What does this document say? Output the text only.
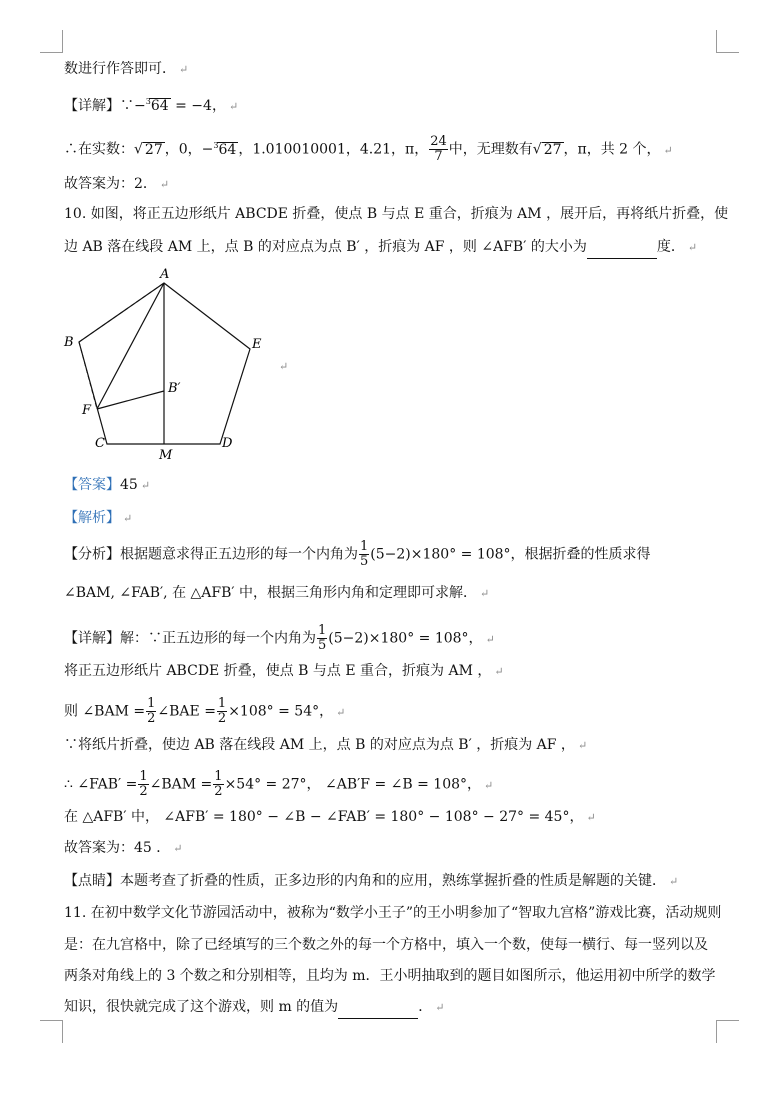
数进行作答即可． ↵
【详解】∵−$^3$64 = −4， ↵
∴在实数：√ 27 ，0，−$^3$64 ，1.010010001，4.21，π， $\frac{24}{7}$ 中，无理数有√ 27 ，π，共 2 个， ↵
故答案为：2． ↵
10. 如图，将正五边形纸片 ABCDE 折叠，使点 B 与点 E 重合，折痕为 AM ，展开后，再将纸片折叠，使
边 AB 落在线段 AM 上，点 B 的对应点为点 B′ ，折痕为 AF ，则 ∠AFB′ 的大小为	度． ↵
A
B	E
B′
F
C	D
M
↵
【答案】45 ↵
【解析】 ↵
【分析】根据题意求得正五边形的每一个内角为 $\frac{1}{5} (5-2)\times 180^\circ = 108^\circ$，根据折叠的性质求得
∠BAM, ∠FAB′, 在 △AFB′ 中，根据三角形内角和定理即可求解． ↵
【详解】解：∵正五边形的每一个内角为 $\frac{1}{5} (5-2)\times 180^\circ = 108^\circ$， ↵
将正五边形纸片 ABCDE 折叠，使点 B 与点 E 重合，折痕为 AM ， ↵
则 ∠BAM = $\frac{1}{2}$ ∠BAE = $\frac{1}{2} \times 108^\circ = 54^\circ$， ↵
∵将纸片折叠，使边 AB 落在线段 AM 上，点 B 的对应点为点 B′ ，折痕为 AF ， ↵
∴ ∠FAB′ = $\frac{1}{2}$ ∠BAM = $\frac{1}{2} \times 54^\circ = 27^\circ$， ∠AB′F = ∠B = 108°， ↵
在 △AFB′ 中， ∠AFB′ = 180° − ∠B − ∠FAB′ = 180° − 108° − 27° = 45°， ↵
故答案为：45 ． ↵
【点睛】本题考查了折叠的性质，正多边形的内角和的应用，熟练掌握折叠的性质是解题的关键． ↵
11. 在初中数学文化节游园活动中，被称为“数学小王子”的王小明参加了“智取九宫格”游戏比赛，活动规则
是：在九宫格中，除了已经填写的三个数之外的每一个方格中，填入一个数，使每一横行、每一竖列以及
两条对角线上的 3 个数之和分别相等，且均为 m．王小明抽取到的题目如图所示，他运用初中所学的数学
知识，很快就完成了这个游戏，则 m 的值为	． ↵
